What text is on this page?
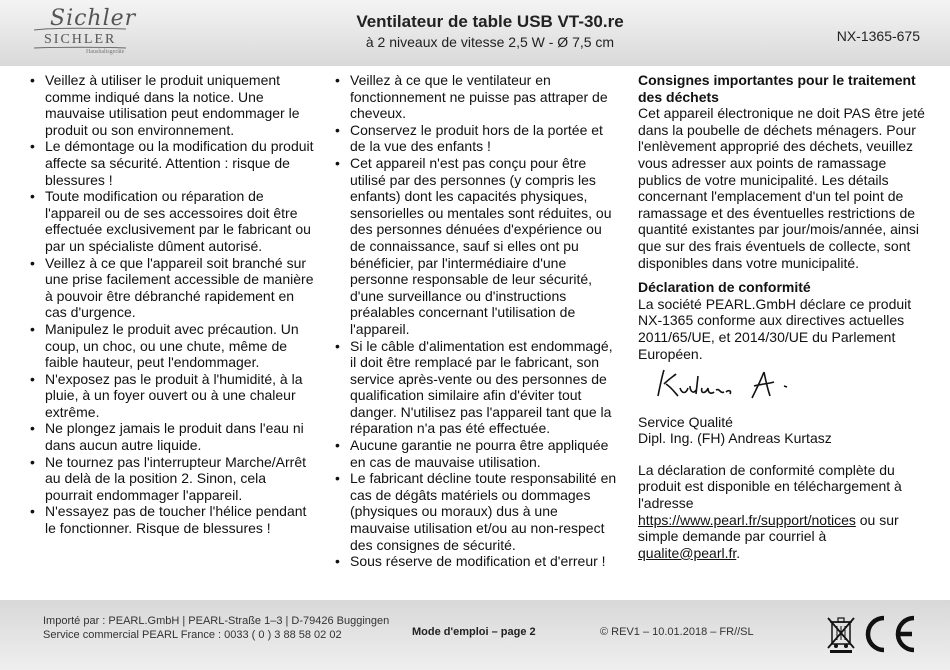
Sichler
SICHLER
Haushaltsgeräte
Ventilateur de table USB VT-30.re
à 2 niveaux de vitesse 2,5 W - Ø 7,5 cm	NX-1365-675
• Veillez à utiliser le produit uniquement comme indiqué dans la notice. Une mauvaise utilisation peut endommager le produit ou son environnement.
• Le démontage ou la modification du produit affecte sa sécurité. Attention : risque de blessures !
• Toute modification ou réparation de l'appareil ou de ses accessoires doit être effectuée exclusivement par le fabricant ou par un spécialiste dûment autorisé.
• Veillez à ce que l'appareil soit branché sur une prise facilement accessible de manière à pouvoir être débranché rapidement en cas d'urgence.
• Manipulez le produit avec précaution. Un coup, un choc, ou une chute, même de faible hauteur, peut l'endommager.
• N'exposez pas le produit à l'humidité, à la pluie, à un foyer ouvert ou à une chaleur extrême.
• Ne plongez jamais le produit dans l'eau ni dans aucun autre liquide.
• Ne tournez pas l'interrupteur Marche/Arrêt au delà de la position 2. Sinon, cela pourrait endommager l'appareil.
• N'essayez pas de toucher l'hélice pendant le fonctionner. Risque de blessures !
• Veillez à ce que le ventilateur en fonctionnement ne puisse pas attraper de cheveux.
• Conservez le produit hors de la portée et de la vue des enfants !
• Cet appareil n'est pas conçu pour être utilisé par des personnes (y compris les enfants) dont les capacités physiques, sensorielles ou mentales sont réduites, ou des personnes dénuées d'expérience ou de connaissance, sauf si elles ont pu bénéficier, par l'intermédiaire d'une personne responsable de leur sécurité, d'une surveillance ou d'instructions préalables concernant l'utilisation de l'appareil.
• Si le câble d'alimentation est endommagé, il doit être remplacé par le fabricant, son service après-vente ou des personnes de qualification similaire afin d'éviter tout danger. N'utilisez pas l'appareil tant que la réparation n'a pas été effectuée.
• Aucune garantie ne pourra être appliquée en cas de mauvaise utilisation.
• Le fabricant décline toute responsabilité en cas de dégâts matériels ou dommages (physiques ou moraux) dus à une mauvaise utilisation et/ou au non-respect des consignes de sécurité.
• Sous réserve de modification et d'erreur !
Consignes importantes pour le traitement des déchets
Cet appareil électronique ne doit PAS être jeté dans la poubelle de déchets ménagers. Pour l'enlèvement approprié des déchets, veuillez vous adresser aux points de ramassage publics de votre municipalité. Les détails concernant l'emplacement d'un tel point de ramassage et des éventuelles restrictions de quantité existantes par jour/mois/année, ainsi que sur des frais éventuels de collecte, sont disponibles dans votre municipalité.
Déclaration de conformité
La société PEARL.GmbH déclare ce produit NX-1365 conforme aux directives actuelles 2011/65/UE, et 2014/30/UE du Parlement Européen.
Service Qualité
Dipl. Ing. (FH) Andreas Kurtasz
La déclaration de conformité complète du produit est disponible en téléchargement à l'adresse
https://www.pearl.fr/support/notices ou sur simple demande par courriel à qualite@pearl.fr.
Importé par : PEARL.GmbH | PEARL-Straße 1–3 | D-79426 Buggingen
Service commercial PEARL France : 0033 ( 0 ) 3 88 58 02 02	Mode d'emploi – page 2	© REV1 – 10.01.2018 – FR//SL
